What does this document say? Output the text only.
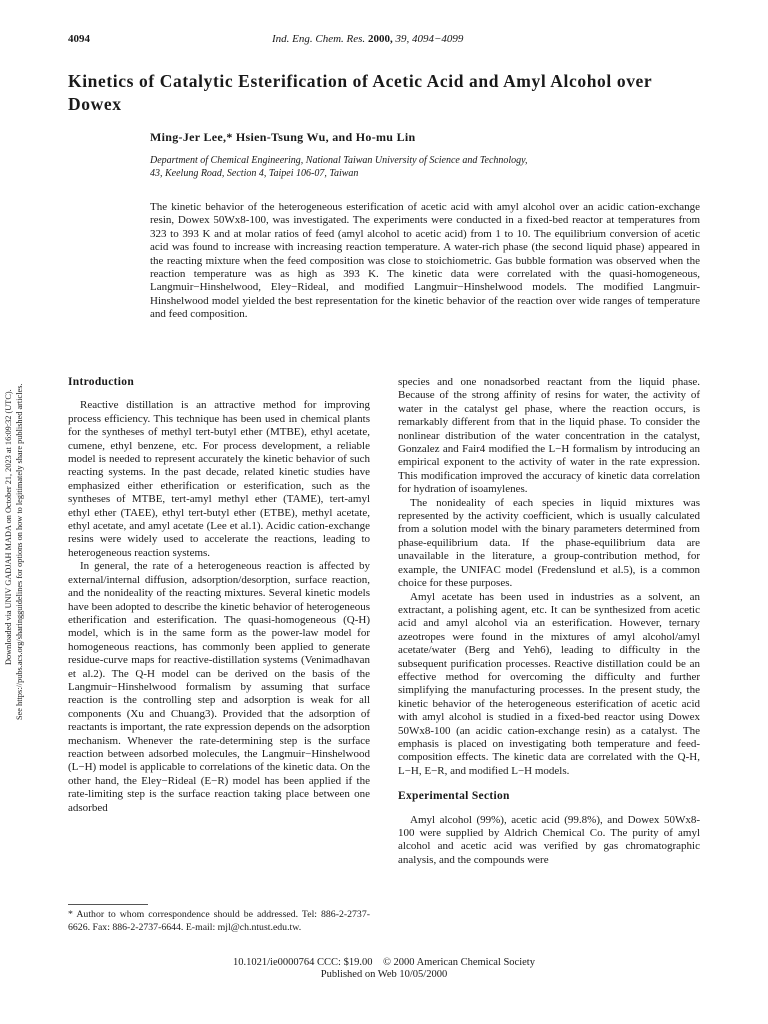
4094	Ind. Eng. Chem. Res. 2000, 39, 4094−4099
Kinetics of Catalytic Esterification of Acetic Acid and Amyl Alcohol over Dowex
Ming-Jer Lee,* Hsien-Tsung Wu, and Ho-mu Lin
Department of Chemical Engineering, National Taiwan University of Science and Technology,
43, Keelung Road, Section 4, Taipei 106-07, Taiwan
The kinetic behavior of the heterogeneous esterification of acetic acid with amyl alcohol over an acidic cation-exchange resin, Dowex 50Wx8-100, was investigated. The experiments were conducted in a fixed-bed reactor at temperatures from 323 to 393 K and at molar ratios of feed (amyl alcohol to acetic acid) from 1 to 10. The equilibrium conversion of acetic acid was found to increase with increasing reaction temperature. A water-rich phase (the second liquid phase) appeared in the reacting mixture when the feed composition was close to stoichiometric. Gas bubble formation was observed when the reaction temperature was as high as 393 K. The kinetic data were correlated with the quasi-homogeneous, Langmuir−Hinshelwood, Eley−Rideal, and modified Langmuir−Hinshelwood models. The modified Langmuir-Hinshelwood model yielded the best representation for the kinetic behavior of the reaction over wide ranges of temperature and feed composition.
Introduction

Reactive distillation is an attractive method for improving process efficiency. This technique has been used in chemical plants for the syntheses of methyl tert-butyl ether (MTBE), ethyl acetate, cumene, ethyl benzene, etc. For process development, a reliable model is needed to represent accurately the kinetic behavior of such reacting systems. In the past decade, related kinetic studies have emphasized either etherification or esterification, such as the syntheses of MTBE, tert-amyl methyl ether (TAME), tert-amyl ethyl ether (TAEE), ethyl tert-butyl ether (ETBE), methyl acetate, ethyl acetate, and amyl acetate (Lee et al.1). Acidic cation-exchange resins were widely used to accelerate the reactions, leading to heterogeneous reaction systems.

In general, the rate of a heterogeneous reaction is affected by external/internal diffusion, adsorption/desorption, surface reaction, and the nonideality of the reacting mixtures. Several kinetic models have been adopted to describe the kinetic behavior of heterogeneous etherification and esterification. The quasi-homogeneous (Q-H) model, which is in the same form as the power-law model for homogeneous reactions, has commonly been applied to generate residue-curve maps for reactive-distillation systems (Venimadhavan et al.2). The Q-H model can be derived on the basis of the Langmuir−Hinshelwood formalism by assuming that surface reaction is the controlling step and adsorption is weak for all components (Xu and Chuang3). Provided that the adsorption of reactants is important, the rate expression depends on the adsorption mechanism. Whenever the rate-determining step is the surface reaction between adsorbed molecules, the Langmuir−Hinshelwood (L−H) model is applicable to correlations of the kinetic data. On the other hand, the Eley−Rideal (E−R) model has been applied if the rate-limiting step is the surface reaction taking place between one adsorbed

species and one nonadsorbed reactant from the liquid phase. Because of the strong affinity of resins for water, the activity of water in the catalyst gel phase, where the reaction occurs, is remarkably different from that in the liquid phase. To consider the nonlinear distribution of the water concentration in the catalyst, Gonzalez and Fair4 modified the L−H formalism by introducing an empirical exponent to the activity of water in the rate expression. This modification improved the accuracy of kinetic data correlation for hydration of isoamylenes.

The nonideality of each species in liquid mixtures was represented by the activity coefficient, which is usually calculated from a solution model with the binary parameters determined from phase-equilibrium data. If the phase-equilibrium data are unavailable in the literature, a group-contribution method, for example, the UNIFAC model (Fredenslund et al.5), is a common choice for these purposes.

Amyl acetate has been used in industries as a solvent, an extractant, a polishing agent, etc. It can be synthesized from acetic acid and amyl alcohol via an esterification. However, ternary azeotropes were found in the mixtures of amyl alcohol/amyl acetate/water (Berg and Yeh6), leading to difficulty in the subsequent purification processes. Reactive distillation could be an effective method for overcoming the difficulty and further simplifying the manufacturing processes. In the present study, the kinetic behavior of the heterogeneous esterification of acetic acid with amyl alcohol is studied in a fixed-bed reactor using Dowex 50Wx8-100 (an acidic cation-exchange resin) as a catalyst. The emphasis is placed on investigating both temperature and feed-composition effects. The kinetic data are correlated with the Q-H, L−H, E−R, and modified L−H models.

Experimental Section

Amyl alcohol (99%), acetic acid (99.8%), and Dowex 50Wx8-100 were supplied by Aldrich Chemical Co. The purity of amyl alcohol and acetic acid was verified by gas chromatographic analysis, and the compounds were

* Author to whom correspondence should be addressed. Tel: 886-2-2737-6626. Fax: 886-2-2737-6644. E-mail: mjl@ch.ntust.edu.tw.
10.1021/ie0000764 CCC: $19.00    © 2000 American Chemical Society
Published on Web 10/05/2000
Downloaded via UNIV GADJAH MADA on October 21, 2023 at 16:09:32 (UTC). See https://pubs.acs.org/sharingguidelines for options on how to legitimately share published articles.
